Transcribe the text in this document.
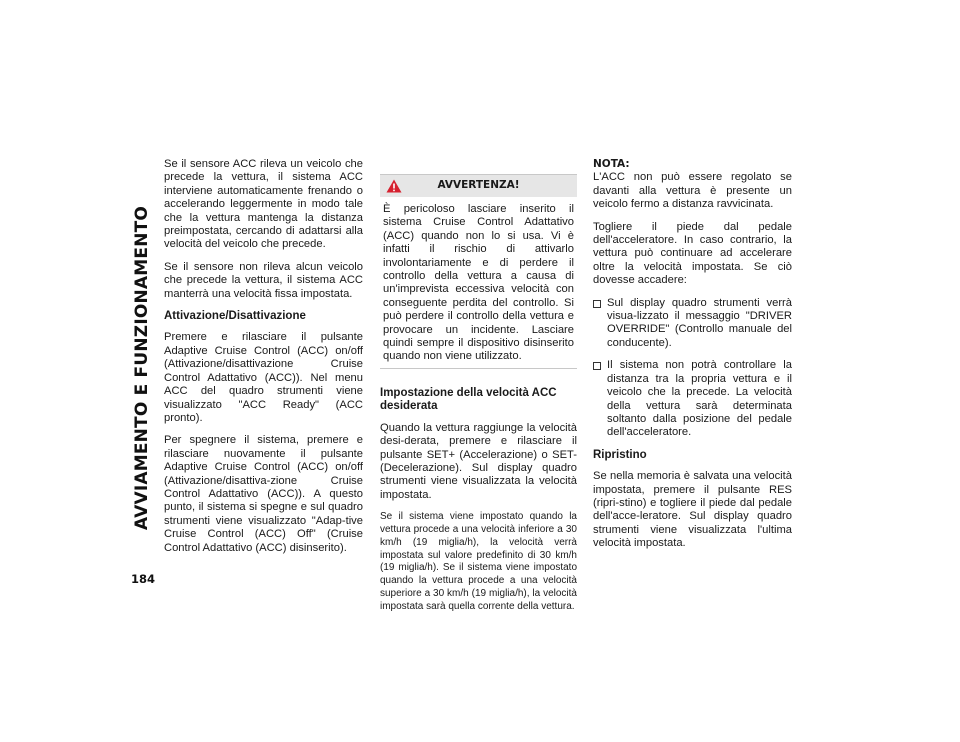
AVVIAMENTO E FUNZIONAMENTO
184

Se il sensore ACC rileva un veicolo che precede la vettura, il sistema ACC interviene automaticamente frenando o accelerando leggermente in modo tale che la vettura mantenga la distanza preimpostata, cercando di adattarsi alla velocità del veicolo che precede.

Se il sensore non rileva alcun veicolo che precede la vettura, il sistema ACC manterrà una velocità fissa impostata.

Attivazione/Disattivazione

Premere e rilasciare il pulsante Adaptive Cruise Control (ACC) on/off (Attivazione/disattivazione Cruise Control Adattativo (ACC)). Nel menu ACC del quadro strumenti viene visualizzato "ACC Ready" (ACC pronto).

Per spegnere il sistema, premere e rilasciare nuovamente il pulsante Adaptive Cruise Control (ACC) on/off (Attivazione/disattiva-zione Cruise Control Adattativo (ACC)). A questo punto, il sistema si spegne e sul quadro strumenti viene visualizzato "Adap-tive Cruise Control (ACC) Off" (Cruise Control Adattativo (ACC) disinserito).

AVVERTENZA!

È pericoloso lasciare inserito il sistema Cruise Control Adattativo (ACC) quando non lo si usa. Vi è infatti il rischio di attivarlo involontariamente e di perdere il controllo della vettura a causa di un'imprevista eccessiva velocità con conseguente perdita del controllo. Si può perdere il controllo della vettura e provocare un incidente. Lasciare quindi sempre il dispositivo disinserito quando non viene utilizzato.

Impostazione della velocità ACC desiderata

Quando la vettura raggiunge la velocità desi-derata, premere e rilasciare il pulsante SET+ (Accelerazione) o SET- (Decelerazione). Sul display quadro strumenti viene visualizzata la velocità impostata.

Se il sistema viene impostato quando la vettura procede a una velocità inferiore a 30 km/h (19 miglia/h), la velocità verrà impostata sul valore predefinito di 30 km/h (19 miglia/h). Se il sistema viene impostato quando la vettura procede a una velocità superiore a 30 km/h (19 miglia/h), la velocità impostata sarà quella corrente della vettura.

NOTA:

L'ACC non può essere regolato se davanti alla vettura è presente un veicolo fermo a distanza ravvicinata.

Togliere il piede dal pedale dell'acceleratore. In caso contrario, la vettura può continuare ad accelerare oltre la velocità impostata. Se ciò dovesse accadere:

Sul display quadro strumenti verrà visua-lizzato il messaggio "DRIVER OVERRIDE" (Controllo manuale del conducente).
Il sistema non potrà controllare la distanza tra la propria vettura e il veicolo che la precede. La velocità della vettura sarà determinata soltanto dalla posizione del pedale dell'acceleratore.
Ripristino

Se nella memoria è salvata una velocità impostata, premere il pulsante RES (ripri-stino) e togliere il piede dal pedale dell'acce-leratore. Sul display quadro strumenti viene visualizzata l'ultima velocità impostata.
